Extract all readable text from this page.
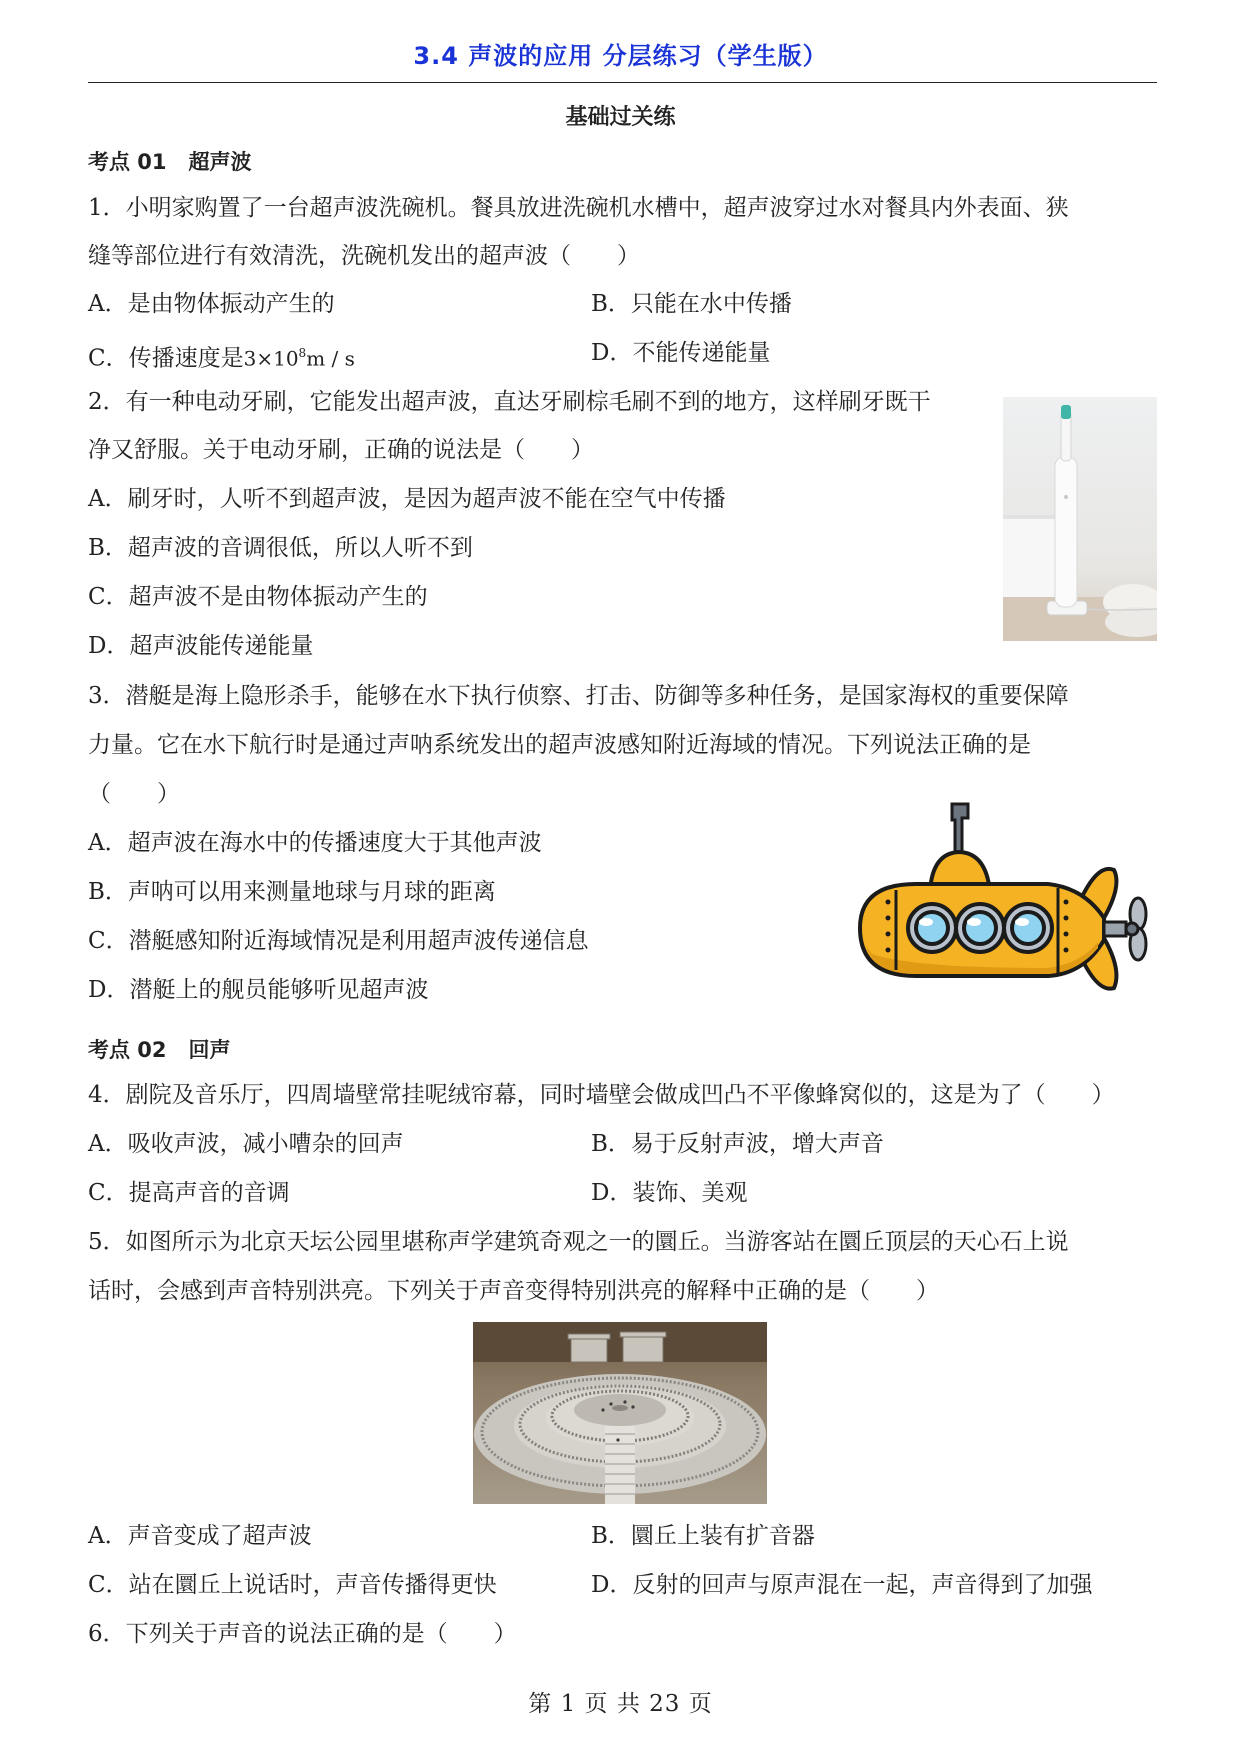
3.4 声波的应用 分层练习（学生版）
基础过关练
考点 01 超声波
1．小明家购置了一台超声波洗碗机。餐具放进洗碗机水槽中，超声波穿过水对餐具内外表面、狭
缝等部位进行有效清洗，洗碗机发出的超声波（　　）
A．是由物体振动产生的	B．只能在水中传播
C．传播速度是$3\times 10^8m / s$	D．不能传递能量
2．有一种电动牙刷，它能发出超声波，直达牙刷棕毛刷不到的地方，这样刷牙既干
净又舒服。关于电动牙刷，正确的说法是（　　）
A．刷牙时，人听不到超声波，是因为超声波不能在空气中传播
B．超声波的音调很低，所以人听不到
C．超声波不是由物体振动产生的
D．超声波能传递能量
3．潜艇是海上隐形杀手，能够在水下执行侦察、打击、防御等多种任务，是国家海权的重要保障
力量。它在水下航行时是通过声呐系统发出的超声波感知附近海域的情况。下列说法正确的是
（　　）
A．超声波在海水中的传播速度大于其他声波
B．声呐可以用来测量地球与月球的距离
C．潜艇感知附近海域情况是利用超声波传递信息
D．潜艇上的舰员能够听见超声波
考点 02 回声
4．剧院及音乐厅，四周墙壁常挂呢绒帘幕，同时墙壁会做成凹凸不平像蜂窝似的，这是为了（　　）
A．吸收声波，减小嘈杂的回声	B．易于反射声波，增大声音
C．提高声音的音调	D．装饰、美观
5．如图所示为北京天坛公园里堪称声学建筑奇观之一的圜丘。当游客站在圜丘顶层的天心石上说
话时，会感到声音特别洪亮。下列关于声音变得特别洪亮的解释中正确的是（　　）
A．声音变成了超声波	B．圜丘上装有扩音器
C．站在圜丘上说话时，声音传播得更快	D．反射的回声与原声混在一起，声音得到了加强
6．下列关于声音的说法正确的是（　　）
第 1 页 共 23 页
